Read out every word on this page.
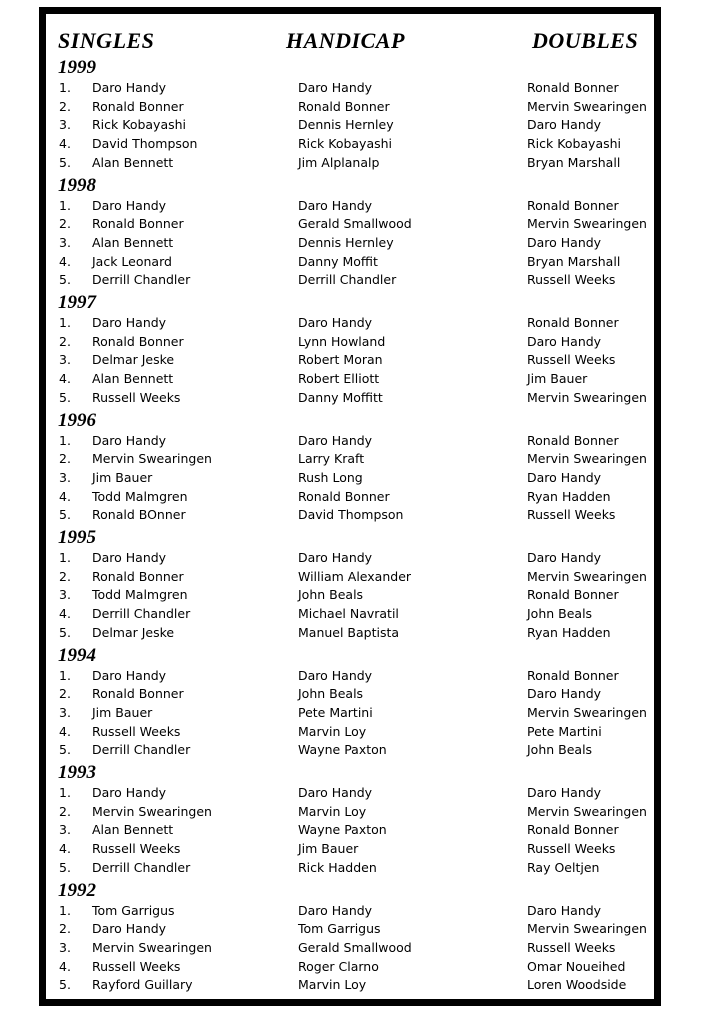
SINGLES	HANDICAP	DOUBLES
1999
1. Daro Handy	Daro Handy	Ronald Bonner
2. Ronald Bonner	Ronald Bonner	Mervin Swearingen
3. Rick Kobayashi	Dennis Hernley	Daro Handy
4. David Thompson	Rick Kobayashi	Rick Kobayashi
5. Alan Bennett	Jim Alplanalp	Bryan Marshall
1998
1. Daro Handy	Daro Handy	Ronald Bonner
2. Ronald Bonner	Gerald Smallwood	Mervin Swearingen
3. Alan Bennett	Dennis Hernley	Daro Handy
4. Jack Leonard	Danny Moffit	Bryan Marshall
5. Derrill Chandler	Derrill Chandler	Russell Weeks
1997
1. Daro Handy	Daro Handy	Ronald Bonner
2. Ronald Bonner	Lynn Howland	Daro Handy
3. Delmar Jeske	Robert Moran	Russell Weeks
4. Alan Bennett	Robert Elliott	Jim Bauer
5. Russell Weeks	Danny Moffitt	Mervin Swearingen
1996
1. Daro Handy	Daro Handy	Ronald Bonner
2. Mervin Swearingen	Larry Kraft	Mervin Swearingen
3. Jim Bauer	Rush Long	Daro Handy
4. Todd Malmgren	Ronald Bonner	Ryan Hadden
5. Ronald BOnner	David Thompson	Russell Weeks
1995
1. Daro Handy	Daro Handy	Daro Handy
2. Ronald Bonner	William Alexander	Mervin Swearingen
3. Todd Malmgren	John Beals	Ronald Bonner
4. Derrill Chandler	Michael Navratil	John Beals
5. Delmar Jeske	Manuel Baptista	Ryan Hadden
1994
1. Daro Handy	Daro Handy	Ronald Bonner
2. Ronald Bonner	John Beals	Daro Handy
3. Jim Bauer	Pete Martini	Mervin Swearingen
4. Russell Weeks	Marvin Loy	Pete Martini
5. Derrill Chandler	Wayne Paxton	John Beals
1993
1. Daro Handy	Daro Handy	Daro Handy
2. Mervin Swearingen	Marvin Loy	Mervin Swearingen
3. Alan Bennett	Wayne Paxton	Ronald Bonner
4. Russell Weeks	Jim Bauer	Russell Weeks
5. Derrill Chandler	Rick Hadden	Ray Oeltjen
1992
1. Tom Garrigus	Daro Handy	Daro Handy
2. Daro Handy	Tom Garrigus	Mervin Swearingen
3. Mervin Swearingen	Gerald Smallwood	Russell Weeks
4. Russell Weeks	Roger Clarno	Omar Noueihed
5. Rayford Guillary	Marvin Loy	Loren Woodside
